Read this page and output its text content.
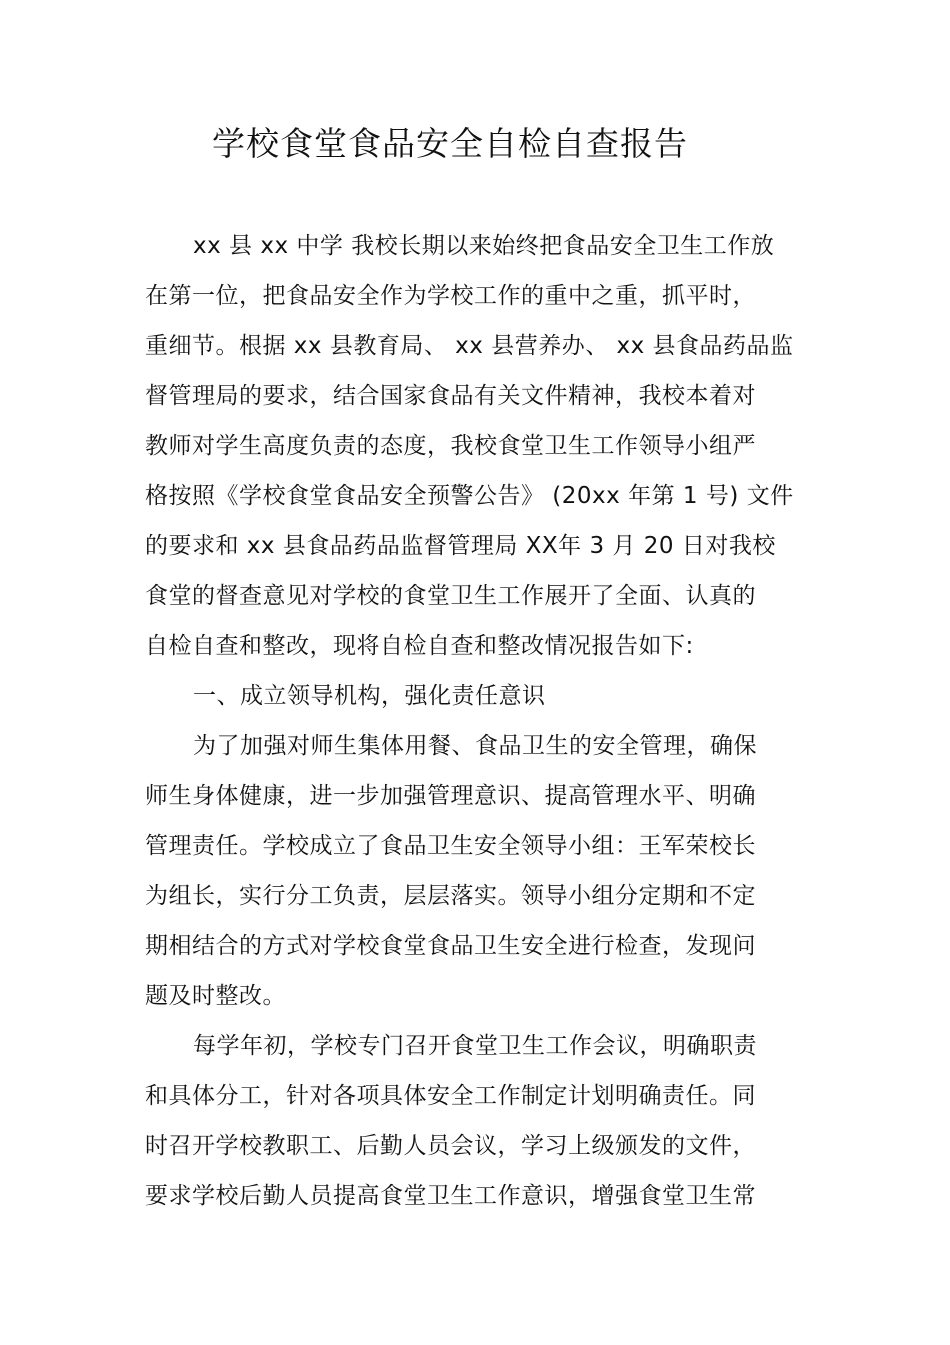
学校食堂食品安全自检自查报告
xx 县 xx 中学 我校长期以来始终把食品安全卫生工作放
在第一位，把食品安全作为学校工作的重中之重，抓平时，
重细节。根据 xx 县教育局、 xx 县营养办、 xx 县食品药品监
督管理局的要求，结合国家食品有关文件精神，我校本着对
教师对学生高度负责的态度，我校食堂卫生工作领导小组严
格按照《学校食堂食品安全预警公告》 (20xx 年第 1 号) 文件
的要求和 xx 县食品药品监督管理局 XX年 3 月 20 日对我校
食堂的督查意见对学校的食堂卫生工作展开了全面、认真的
自检自查和整改，现将自检自查和整改情况报告如下:
一、成立领导机构，强化责任意识
为了加强对师生集体用餐、食品卫生的安全管理，确保
师生身体健康，进一步加强管理意识、提高管理水平、明确
管理责任。学校成立了食品卫生安全领导小组：王军荣校长
为组长，实行分工负责，层层落实。领导小组分定期和不定
期相结合的方式对学校食堂食品卫生安全进行检查，发现问
题及时整改。
每学年初，学校专门召开食堂卫生工作会议，明确职责
和具体分工，针对各项具体安全工作制定计划明确责任。同
时召开学校教职工、后勤人员会议，学习上级颁发的文件，
要求学校后勤人员提高食堂卫生工作意识，增强食堂卫生常
